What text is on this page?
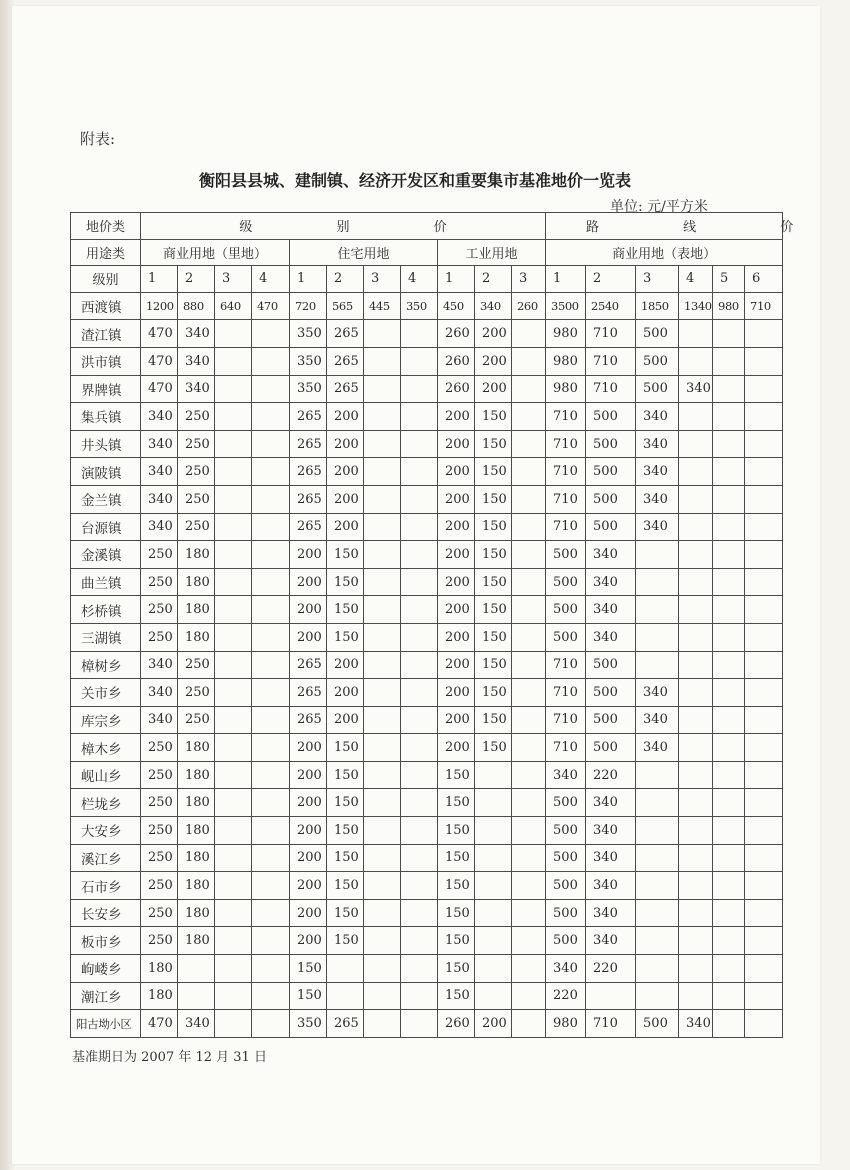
附表:
衡阳县县城、建制镇、经济开发区和重要集市基准地价一览表
单位: 元/平方米
地价类	级 别 价											路 线 价					
用途类	商业用地（里地）				住宅用地				工业用地			商业用地（表地）					
级别	1	2	3	4	1	2	3	4	1	2	3	1	2	3	4	5	6
西渡镇	1200	880	640	470	720	565	445	350	450	340	260	3500	2540	1850	1340	980	710
渣江镇	470	340			350	265			260	200		980	710	500			
洪市镇	470	340			350	265			260	200		980	710	500			
界牌镇	470	340			350	265			260	200		980	710	500	340		
集兵镇	340	250			265	200			200	150		710	500	340			
井头镇	340	250			265	200			200	150		710	500	340			
演陂镇	340	250			265	200			200	150		710	500	340			
金兰镇	340	250			265	200			200	150		710	500	340			
台源镇	340	250			265	200			200	150		710	500	340			
金溪镇	250	180			200	150			200	150		500	340				
曲兰镇	250	180			200	150			200	150		500	340				
杉桥镇	250	180			200	150			200	150		500	340				
三湖镇	250	180			200	150			200	150		500	340				
樟树乡	340	250			265	200			200	150		710	500				
关市乡	340	250			265	200			200	150		710	500	340			
库宗乡	340	250			265	200			200	150		710	500	340			
樟木乡	250	180			200	150			200	150		710	500	340			
岘山乡	250	180			200	150			150			340	220				
栏垅乡	250	180			200	150			150			500	340				
大安乡	250	180			200	150			150			500	340				
溪江乡	250	180			200	150			150			500	340				
石市乡	250	180			200	150			150			500	340				
长安乡	250	180			200	150			150			500	340				
板市乡	250	180			200	150			150			500	340				
岣嵝乡	180				150				150			340	220				
潮江乡	180				150				150			220					
阳古坳小区	470	340			350	265			260	200		980	710	500	340		
基准期日为 2007 年 12 月 31 日
